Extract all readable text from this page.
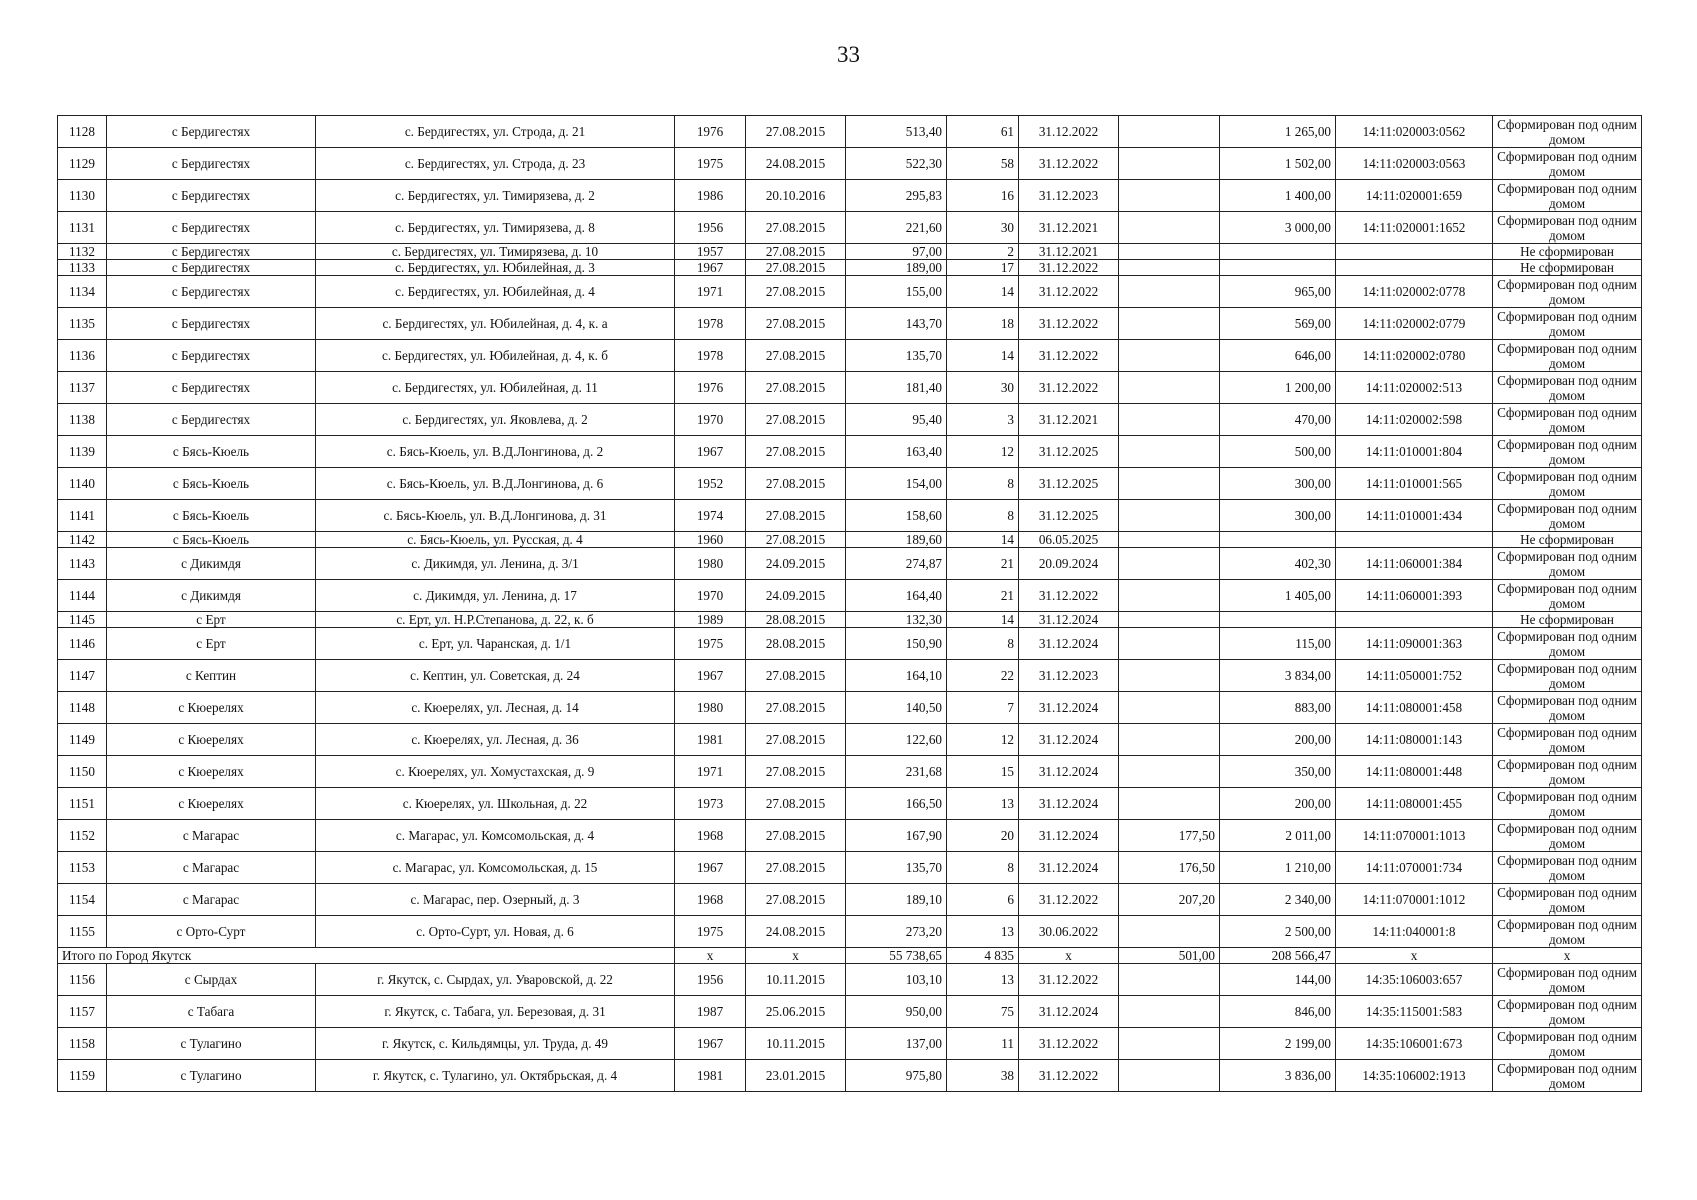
33
1128	с Бердигестях	с. Бердигестях, ул. Строда, д. 21	1976	27.08.2015	513,40	61	31.12.2022		1 265,00	14:11:020003:0562	Сформирован под одним домом
1129	с Бердигестях	с. Бердигестях, ул. Строда, д. 23	1975	24.08.2015	522,30	58	31.12.2022		1 502,00	14:11:020003:0563	Сформирован под одним домом
1130	с Бердигестях	с. Бердигестях, ул. Тимирязева, д. 2	1986	20.10.2016	295,83	16	31.12.2023		1 400,00	14:11:020001:659	Сформирован под одним домом
1131	с Бердигестях	с. Бердигестях, ул. Тимирязева, д. 8	1956	27.08.2015	221,60	30	31.12.2021		3 000,00	14:11:020001:1652	Сформирован под одним домом
1132	с Бердигестях	с. Бердигестях, ул. Тимирязева, д. 10	1957	27.08.2015	97,00	2	31.12.2021				Не сформирован
1133	с Бердигестях	с. Бердигестях, ул. Юбилейная, д. 3	1967	27.08.2015	189,00	17	31.12.2022				Не сформирован
1134	с Бердигестях	с. Бердигестях, ул. Юбилейная, д. 4	1971	27.08.2015	155,00	14	31.12.2022		965,00	14:11:020002:0778	Сформирован под одним домом
1135	с Бердигестях	с. Бердигестях, ул. Юбилейная, д. 4, к. а	1978	27.08.2015	143,70	18	31.12.2022		569,00	14:11:020002:0779	Сформирован под одним домом
1136	с Бердигестях	с. Бердигестях, ул. Юбилейная, д. 4, к. б	1978	27.08.2015	135,70	14	31.12.2022		646,00	14:11:020002:0780	Сформирован под одним домом
1137	с Бердигестях	с. Бердигестях, ул. Юбилейная, д. 11	1976	27.08.2015	181,40	30	31.12.2022		1 200,00	14:11:020002:513	Сформирован под одним домом
1138	с Бердигестях	с. Бердигестях, ул. Яковлева, д. 2	1970	27.08.2015	95,40	3	31.12.2021		470,00	14:11:020002:598	Сформирован под одним домом
1139	с Бясь-Кюель	с. Бясь-Кюель, ул. В.Д.Лонгинова, д. 2	1967	27.08.2015	163,40	12	31.12.2025		500,00	14:11:010001:804	Сформирован под одним домом
1140	с Бясь-Кюель	с. Бясь-Кюель, ул. В.Д.Лонгинова, д. 6	1952	27.08.2015	154,00	8	31.12.2025		300,00	14:11:010001:565	Сформирован под одним домом
1141	с Бясь-Кюель	с. Бясь-Кюель, ул. В.Д.Лонгинова, д. 31	1974	27.08.2015	158,60	8	31.12.2025		300,00	14:11:010001:434	Сформирован под одним домом
1142	с Бясь-Кюель	с. Бясь-Кюель, ул. Русская, д. 4	1960	27.08.2015	189,60	14	06.05.2025				Не сформирован
1143	с Дикимдя	с. Дикимдя, ул. Ленина, д. 3/1	1980	24.09.2015	274,87	21	20.09.2024		402,30	14:11:060001:384	Сформирован под одним домом
1144	с Дикимдя	с. Дикимдя, ул. Ленина, д. 17	1970	24.09.2015	164,40	21	31.12.2022		1 405,00	14:11:060001:393	Сформирован под одним домом
1145	с Ерт	с. Ерт, ул. Н.Р.Степанова, д. 22, к. б	1989	28.08.2015	132,30	14	31.12.2024				Не сформирован
1146	с Ерт	с. Ерт, ул. Чаранская, д. 1/1	1975	28.08.2015	150,90	8	31.12.2024		115,00	14:11:090001:363	Сформирован под одним домом
1147	с Кептин	с. Кептин, ул. Советская, д. 24	1967	27.08.2015	164,10	22	31.12.2023		3 834,00	14:11:050001:752	Сформирован под одним домом
1148	с Кюерелях	с. Кюерелях, ул. Лесная, д. 14	1980	27.08.2015	140,50	7	31.12.2024		883,00	14:11:080001:458	Сформирован под одним домом
1149	с Кюерелях	с. Кюерелях, ул. Лесная, д. 36	1981	27.08.2015	122,60	12	31.12.2024		200,00	14:11:080001:143	Сформирован под одним домом
1150	с Кюерелях	с. Кюерелях, ул. Хомустахская, д. 9	1971	27.08.2015	231,68	15	31.12.2024		350,00	14:11:080001:448	Сформирован под одним домом
1151	с Кюерелях	с. Кюерелях, ул. Школьная, д. 22	1973	27.08.2015	166,50	13	31.12.2024		200,00	14:11:080001:455	Сформирован под одним домом
1152	с Магарас	с. Магарас, ул. Комсомольская, д. 4	1968	27.08.2015	167,90	20	31.12.2024	177,50	2 011,00	14:11:070001:1013	Сформирован под одним домом
1153	с Магарас	с. Магарас, ул. Комсомольская, д. 15	1967	27.08.2015	135,70	8	31.12.2024	176,50	1 210,00	14:11:070001:734	Сформирован под одним домом
1154	с Магарас	с. Магарас, пер. Озерный, д. 3	1968	27.08.2015	189,10	6	31.12.2022	207,20	2 340,00	14:11:070001:1012	Сформирован под одним домом
1155	с Орто-Сурт	с. Орто-Сурт, ул. Новая, д. 6	1975	24.08.2015	273,20	13	30.06.2022		2 500,00	14:11:040001:8	Сформирован под одним домом
Итого по Город Якутск			x	x	55 738,65	4 835	x	501,00	208 566,47	x	x
1156	с Сырдах	г. Якутск, с. Сырдах, ул. Уваровской, д. 22	1956	10.11.2015	103,10	13	31.12.2022		144,00	14:35:106003:657	Сформирован под одним домом
1157	с Табага	г. Якутск, с. Табага, ул. Березовая, д. 31	1987	25.06.2015	950,00	75	31.12.2024		846,00	14:35:115001:583	Сформирован под одним домом
1158	с Тулагино	г. Якутск, с. Кильдямцы, ул. Труда, д. 49	1967	10.11.2015	137,00	11	31.12.2022		2 199,00	14:35:106001:673	Сформирован под одним домом
1159	с Тулагино	г. Якутск, с. Тулагино, ул. Октябрьская, д. 4	1981	23.01.2015	975,80	38	31.12.2022		3 836,00	14:35:106002:1913	Сформирован под одним домом
